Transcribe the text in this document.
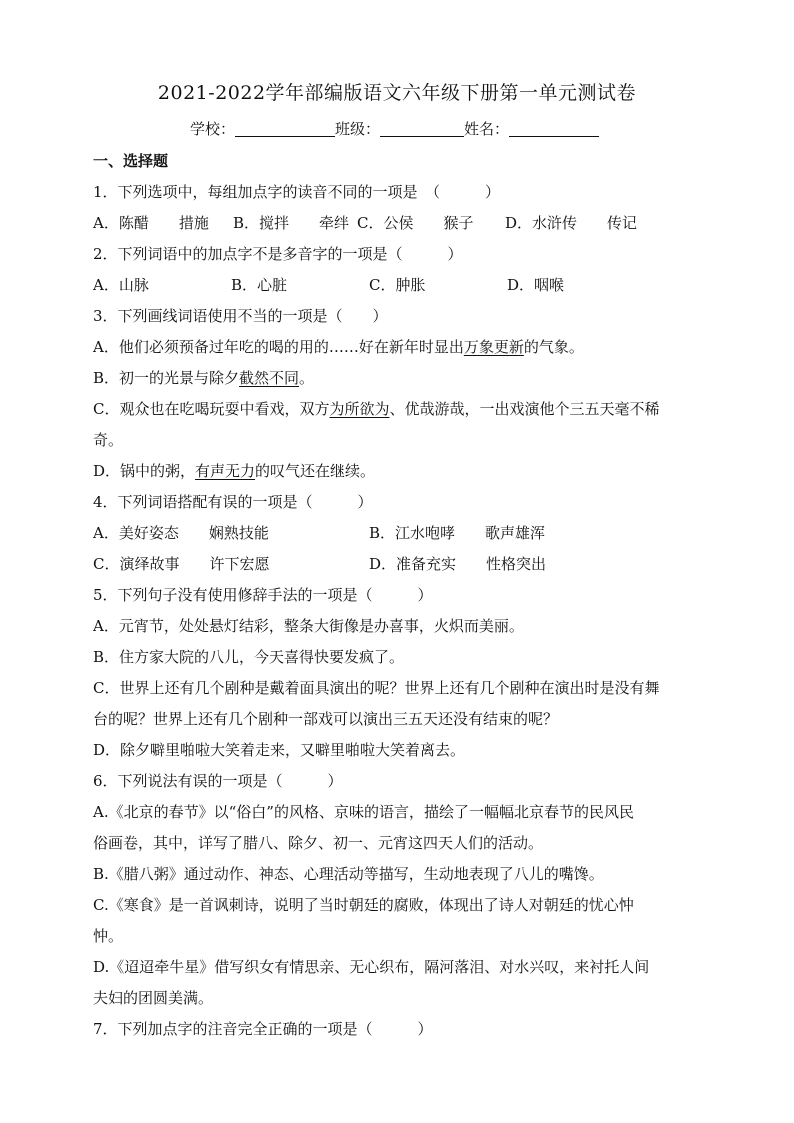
2021-2022学年部编版语文六年级下册第一单元测试卷
学校：	班级：	姓名：
一、选择题
1．下列选项中，每组加点字的读音不同的一项是　（　　　）
A．陈醋　　措施 B．搅拌　　牵绊 C．公侯　　猴子 D．水浒传　　传记
2．下列词语中的加点字不是多音字的一项是（　　　）
A．山脉	B．心脏	C．肿胀	D．咽喉
3．下列画线词语使用不当的一项是（　　）
A．他们必须预备过年吃的喝的用的……好在新年时显出万象更新的气象。
B．初一的光景与除夕截然不同。
C．观众也在吃喝玩耍中看戏，双方为所欲为、优哉游哉，一出戏演他个三五天毫不稀
奇。
D．锅中的粥，有声无力的叹气还在继续。
4．下列词语搭配有误的一项是（　　　）
A．美好姿态　　娴熟技能	B．江水咆哮　　歌声雄浑
C．演绎故事　　许下宏愿	D．准备充实　　性格突出
5．下列句子没有使用修辞手法的一项是（　　　）
A．元宵节，处处悬灯结彩，整条大街像是办喜事，火炽而美丽。
B．住方家大院的八儿，今天喜得快要发疯了。
C．世界上还有几个剧种是戴着面具演出的呢？世界上还有几个剧种在演出时是没有舞
台的呢？世界上还有几个剧种一部戏可以演出三五天还没有结束的呢？
D．除夕噼里啪啦大笑着走来，又噼里啪啦大笑着离去。
6．下列说法有误的一项是（　　　）
A.《北京的春节》以“俗白”的风格、京味的语言，描绘了一幅幅北京春节的民风民
俗画卷，其中，详写了腊八、除夕、初一、元宵这四天人们的活动。
B.《腊八粥》通过动作、神态、心理活动等描写，生动地表现了八儿的嘴馋。
C.《寒食》是一首讽刺诗，说明了当时朝廷的腐败，体现出了诗人对朝廷的忧心忡
忡。
D.《迢迢牵牛星》借写织女有情思亲、无心织布，隔河落泪、对水兴叹，来衬托人间
夫妇的团圆美满。
7．下列加点字的注音完全正确的一项是（　　　）
